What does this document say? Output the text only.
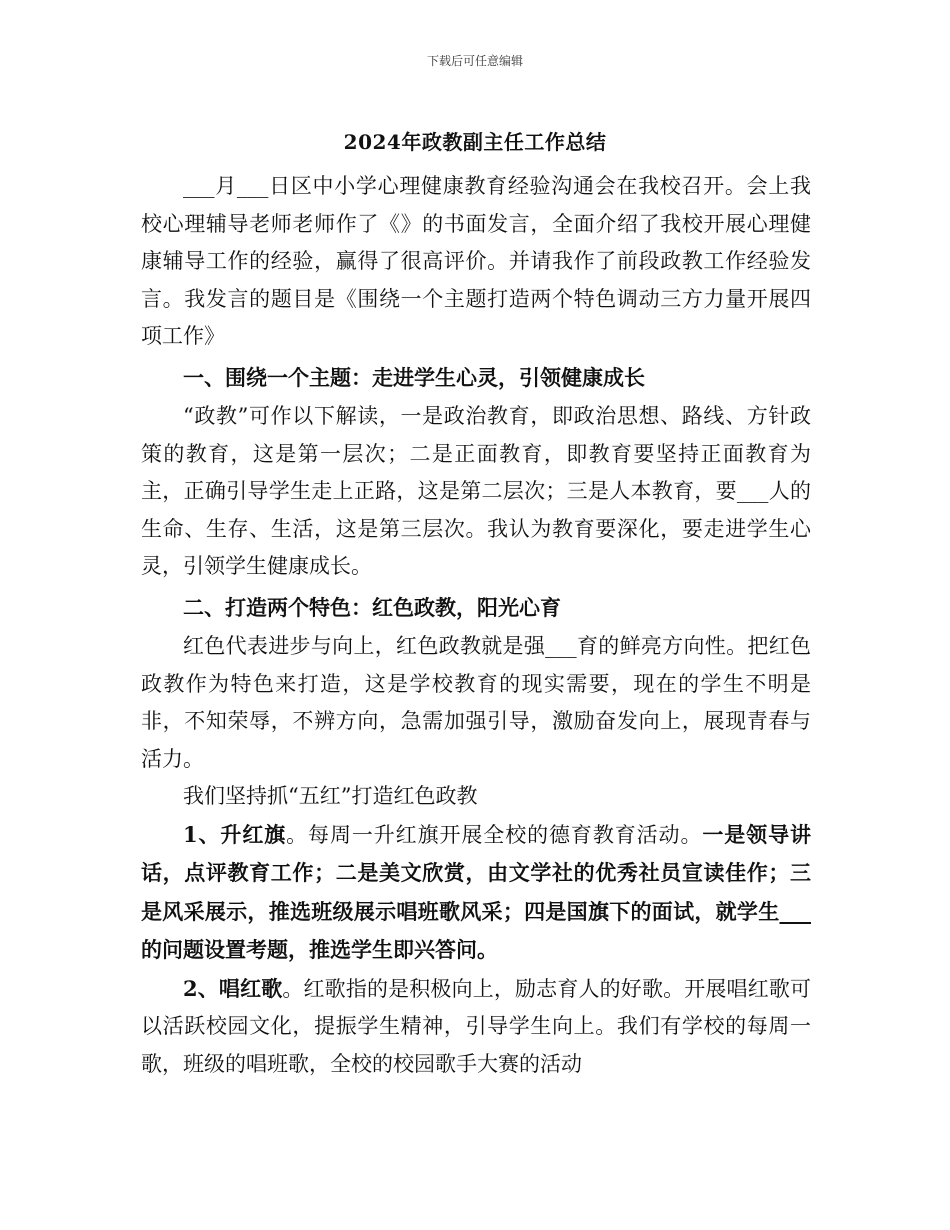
下载后可任意编辑
2024年政教副主任工作总结

___月___日区中小学心理健康教育经验沟通会在我校召开。会上我校心理辅导老师老师作了《》的书面发言，全面介绍了我校开展心理健康辅导工作的经验，赢得了很高评价。并请我作了前段政教工作经验发言。我发言的题目是《围绕一个主题打造两个特色调动三方力量开展四项工作》

一、围绕一个主题：走进学生心灵，引领健康成长

“政教”可作以下解读，一是政治教育，即政治思想、路线、方针政策的教育，这是第一层次；二是正面教育，即教育要坚持正面教育为主，正确引导学生走上正路，这是第二层次；三是人本教育，要___人的生命、生存、生活，这是第三层次。我认为教育要深化，要走进学生心灵，引领学生健康成长。

二、打造两个特色：红色政教，阳光心育

红色代表进步与向上，红色政教就是强___育的鲜亮方向性。把红色政教作为特色来打造，这是学校教育的现实需要，现在的学生不明是非，不知荣辱，不辨方向，急需加强引导，激励奋发向上，展现青春与活力。

我们坚持抓“五红”打造红色政教

1、升红旗。每周一升红旗开展全校的德育教育活动。一是领导讲话，点评教育工作；二是美文欣赏，由文学社的优秀社员宣读佳作；三是风采展示，推选班级展示唱班歌风采；四是国旗下的面试，就学生___的问题设置考题，推选学生即兴答问。

2、唱红歌。红歌指的是积极向上，励志育人的好歌。开展唱红歌可以活跃校园文化，提振学生精神，引导学生向上。我们有学校的每周一歌，班级的唱班歌，全校的校园歌手大赛的活动
